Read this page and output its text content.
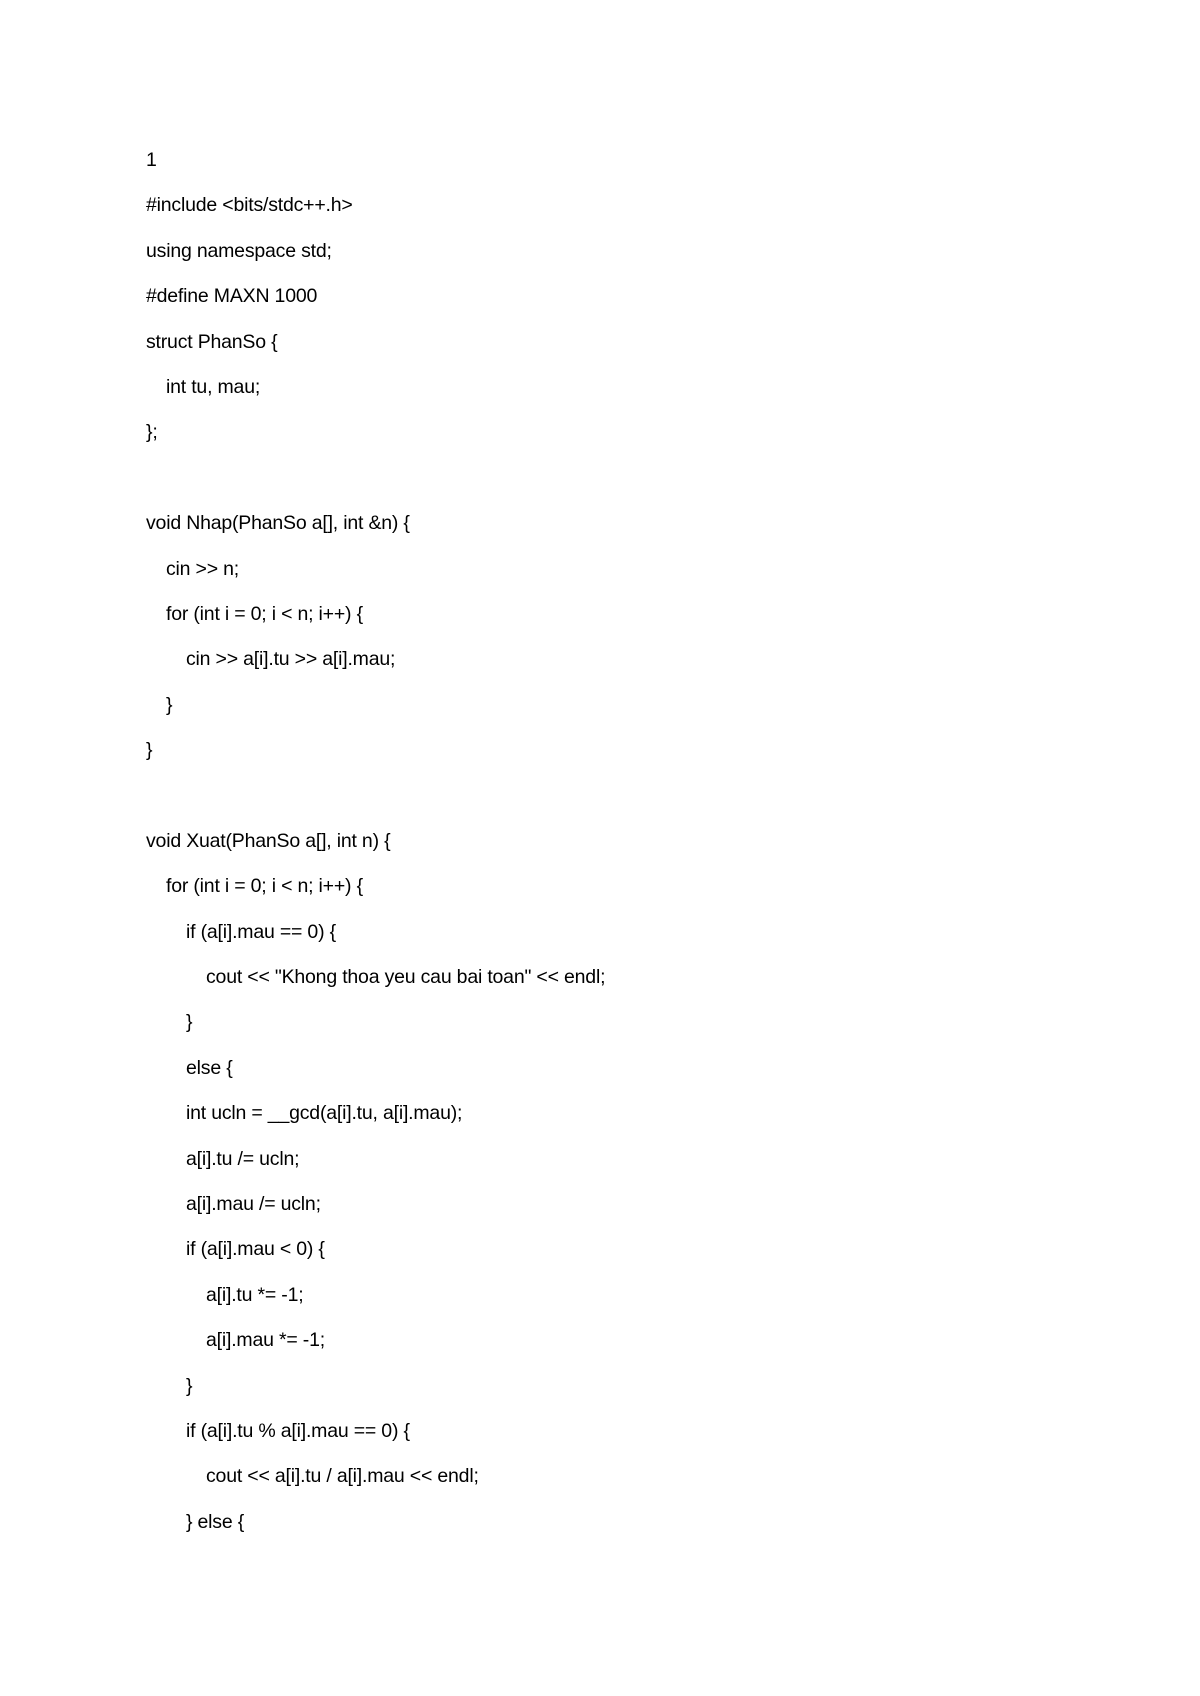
1
#include <bits/stdc++.h>
using namespace std;
#define MAXN 1000
struct PhanSo {
int tu, mau;
};
void Nhap(PhanSo a[], int &n) {
cin >> n;
for (int i = 0; i < n; i++) {
cin >> a[i].tu >> a[i].mau;
}
}
void Xuat(PhanSo a[], int n) {
for (int i = 0; i < n; i++) {
if (a[i].mau == 0) {
cout << "Khong thoa yeu cau bai toan" << endl;
}
else {
int ucln = __gcd(a[i].tu, a[i].mau);
a[i].tu /= ucln;
a[i].mau /= ucln;
if (a[i].mau < 0) {
a[i].tu *= -1;
a[i].mau *= -1;
}
if (a[i].tu % a[i].mau == 0) {
cout << a[i].tu / a[i].mau << endl;
} else {
